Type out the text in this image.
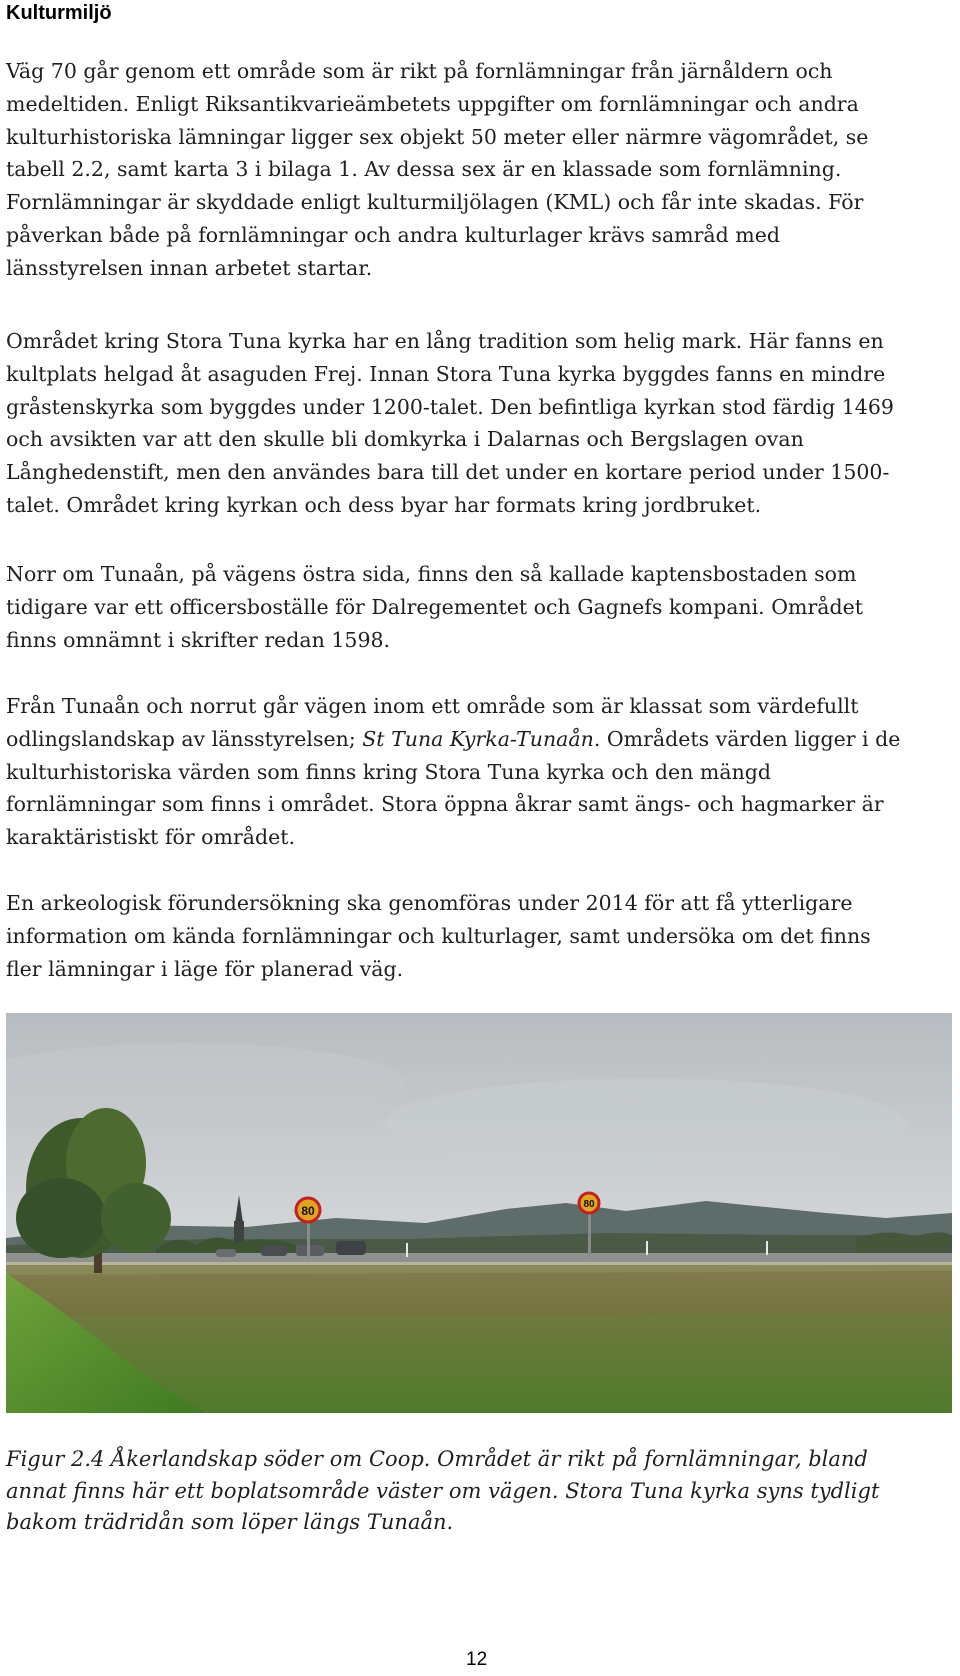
Kulturmiljö

Väg 70 går genom ett område som är rikt på fornlämningar från järnåldern och medeltiden. Enligt Riksantikvarieämbetets uppgifter om fornlämningar och andra kulturhistoriska lämningar ligger sex objekt 50 meter eller närmre vägområdet, se tabell 2.2, samt karta 3 i bilaga 1. Av dessa sex är en klassade som fornlämning. Fornlämningar är skyddade enligt kulturmiljölagen (KML) och får inte skadas. För påverkan både på fornlämningar och andra kulturlager krävs samråd med länsstyrelsen innan arbetet startar.

Området kring Stora Tuna kyrka har en lång tradition som helig mark. Här fanns en kultplats helgad åt asaguden Frej. Innan Stora Tuna kyrka byggdes fanns en mindre gråstenskyrka som byggdes under 1200-talet. Den befintliga kyrkan stod färdig 1469 och avsikten var att den skulle bli domkyrka i Dalarnas och Bergslagen ovan Långhedenstift, men den användes bara till det under en kortare period under 1500-talet. Området kring kyrkan och dess byar har formats kring jordbruket.

Norr om Tunaån, på vägens östra sida, finns den så kallade kaptensbostaden som tidigare var ett officersboställe för Dalregementet och Gagnefs kompani. Området finns omnämnt i skrifter redan 1598.

Från Tunaån och norrut går vägen inom ett område som är klassat som värdefullt odlingslandskap av länsstyrelsen; St Tuna Kyrka-Tunaån. Områdets värden ligger i de kulturhistoriska värden som finns kring Stora Tuna kyrka och den mängd fornlämningar som finns i området. Stora öppna åkrar samt ängs- och hagmarker är karaktäristiskt för området.

En arkeologisk förundersökning ska genomföras under 2014 för att få ytterligare information om kända fornlämningar och kulturlager, samt undersöka om det finns fler lämningar i läge för planerad väg.

80	80

Figur 2.4 Åkerlandskap söder om Coop. Området är rikt på fornlämningar, bland annat finns här ett boplatsområde väster om vägen. Stora Tuna kyrka syns tydligt bakom trädridån som löper längs Tunaån.

12
